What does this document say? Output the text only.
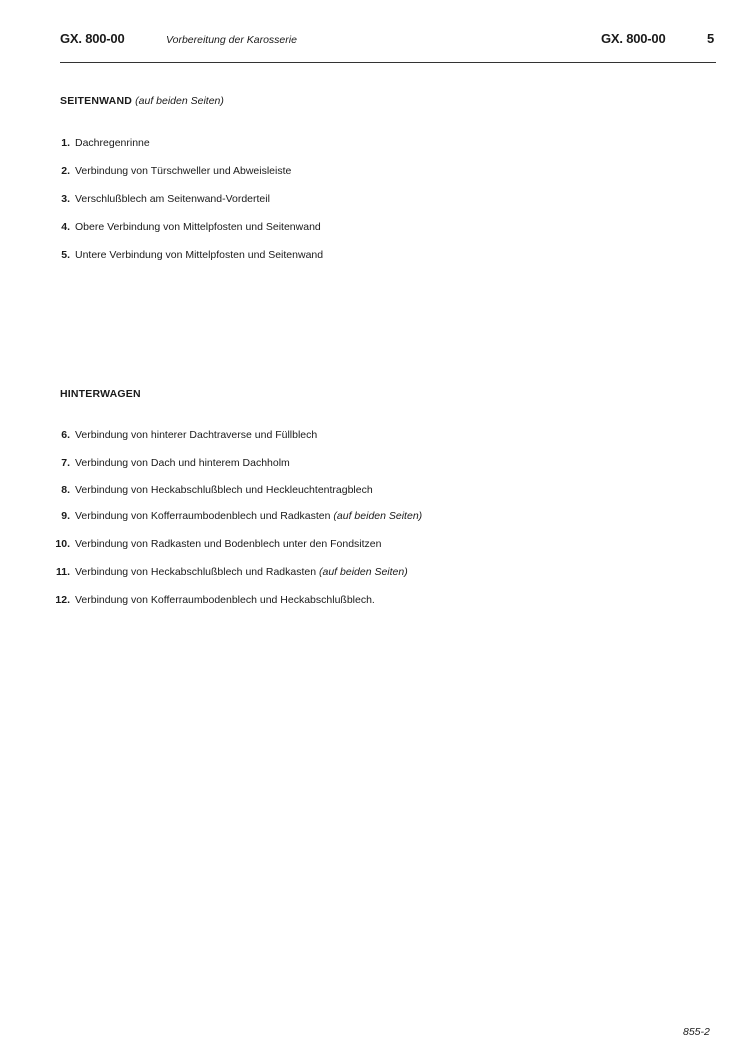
GX. 800-00	Vorbereitung der Karosserie	GX. 800-00	5
SEITENWAND (auf beiden Seiten)
1. Dachregenrinne
2. Verbindung von Türschweller und Abweisleiste
3. Verschlußblech am Seitenwand-Vorderteil
4. Obere Verbindung von Mittelpfosten und Seitenwand
5. Untere Verbindung von Mittelpfosten und Seitenwand
HINTERWAGEN
6. Verbindung von hinterer Dachtraverse und Füllblech
7. Verbindung von Dach und hinterem Dachholm
8. Verbindung von Heckabschlußblech und Heckleuchtentragblech
9. Verbindung von Kofferraumbodenblech und Radkasten (auf beiden Seiten)
10. Verbindung von Radkasten und Bodenblech unter den Fondsitzen
11. Verbindung von Heckabschlußblech und Radkasten (auf beiden Seiten)
12. Verbindung von Kofferraumbodenblech und Heckabschlußblech.
855-2
